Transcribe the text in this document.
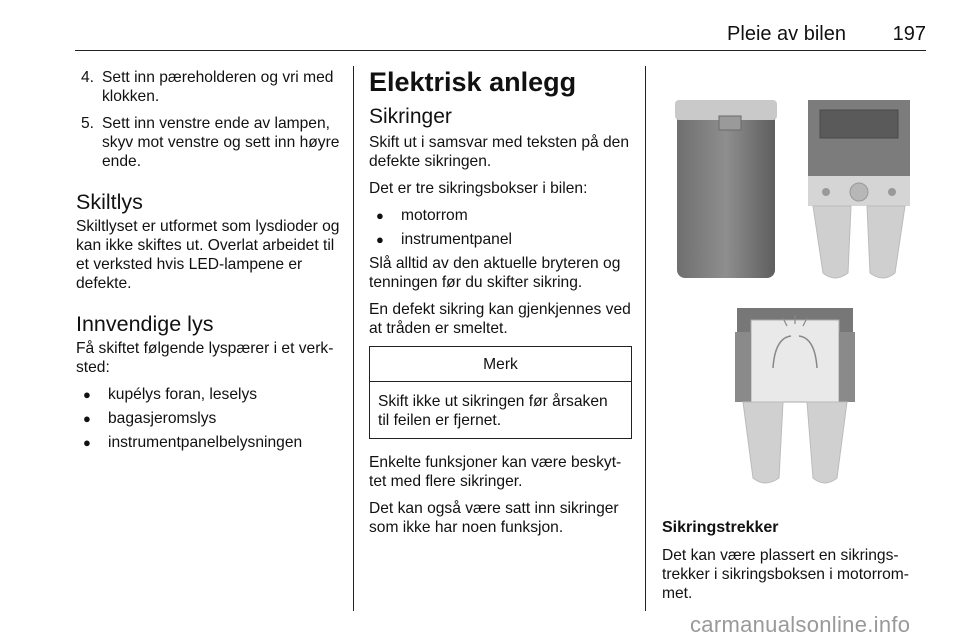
Pleie av bilen 197
4. Sett inn pæreholderen og vri med klokken.
5. Sett inn venstre ende av lampen, skyv mot venstre og sett inn høyre ende.
Skiltlys

Skiltlyset er utformet som lysdioder og kan ikke skiftes ut. Overlat arbeidet til et verksted hvis LED-lampene er defekte.

Innvendige lys

Få skiftet følgende lyspærer i et verksted:

● kupélys foran, leselys
● bagasjeromslys
● instrumentpanelbelysningen
Elektrisk anlegg
Sikringer

Skift ut i samsvar med teksten på den defekte sikringen.

Det er tre sikringsbokser i bilen:

● motorrom
● instrumentpanel

Slå alltid av den aktuelle bryteren og tenningen før du skifter sikring.

En defekt sikring kan gjenkjennes ved at tråden er smeltet.

Merk
Skift ikke ut sikringen før årsaken til feilen er fjernet.

Enkelte funksjoner kan være beskyttet med flere sikringer.

Det kan også være satt inn sikringer som ikke har noen funksjon.	Sikringstrekker

Det kan være plassert en sikringstrekker i sikringsboksen i motorrommet.

carmanualsonline.info
